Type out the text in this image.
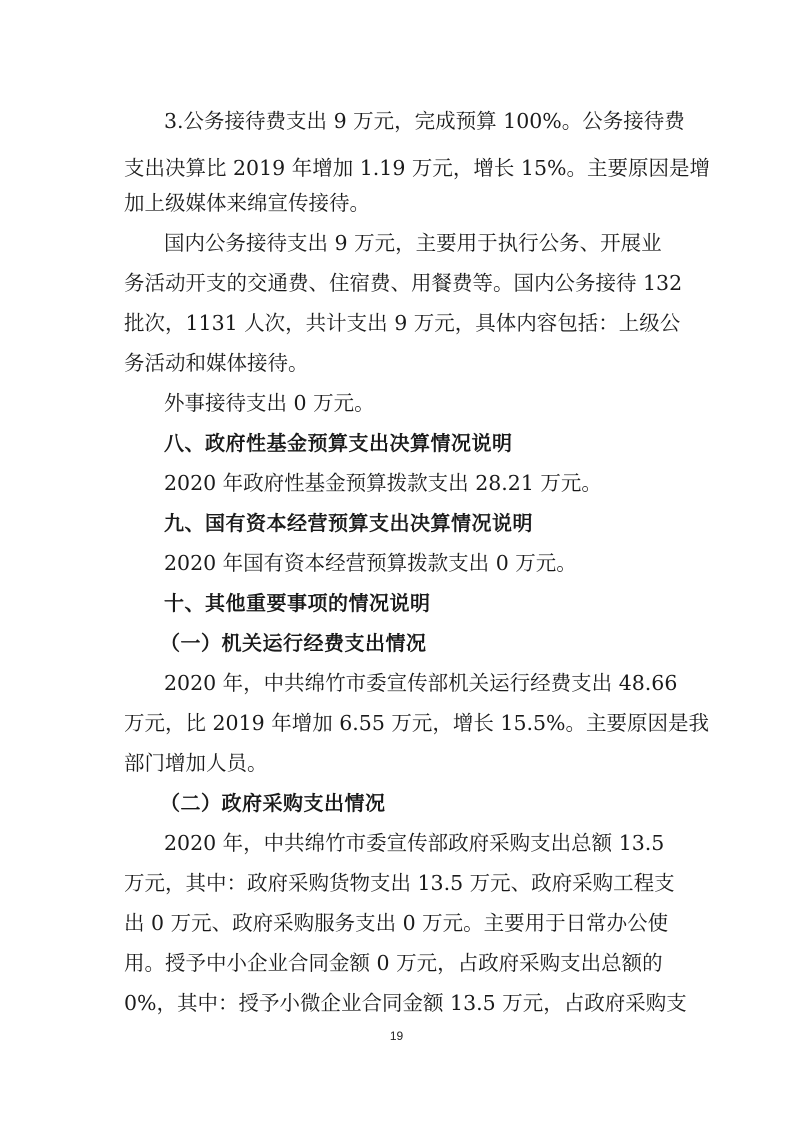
3.公务接待费支出 9 万元，完成预算 100%。公务接待费
支出决算比 2019 年增加 1.19 万元，增长 15%。主要原因是增
加上级媒体来绵宣传接待。
国内公务接待支出 9 万元，主要用于执行公务、开展业
务活动开支的交通费、住宿费、用餐费等。国内公务接待 132
批次，1131 人次，共计支出 9 万元，具体内容包括：上级公
务活动和媒体接待。
外事接待支出 0 万元。
八、政府性基金预算支出决算情况说明
2020 年政府性基金预算拨款支出 28.21 万元。
九、国有资本经营预算支出决算情况说明
2020 年国有资本经营预算拨款支出 0 万元。
十、其他重要事项的情况说明
（一）机关运行经费支出情况
2020 年，中共绵竹市委宣传部机关运行经费支出 48.66
万元，比 2019 年增加 6.55 万元，增长 15.5%。主要原因是我
部门增加人员。
（二）政府采购支出情况
2020 年，中共绵竹市委宣传部政府采购支出总额 13.5
万元，其中：政府采购货物支出 13.5 万元、政府采购工程支
出 0 万元、政府采购服务支出 0 万元。主要用于日常办公使
用。授予中小企业合同金额 0 万元，占政府采购支出总额的
0%，其中：授予小微企业合同金额 13.5 万元，占政府采购支
19
